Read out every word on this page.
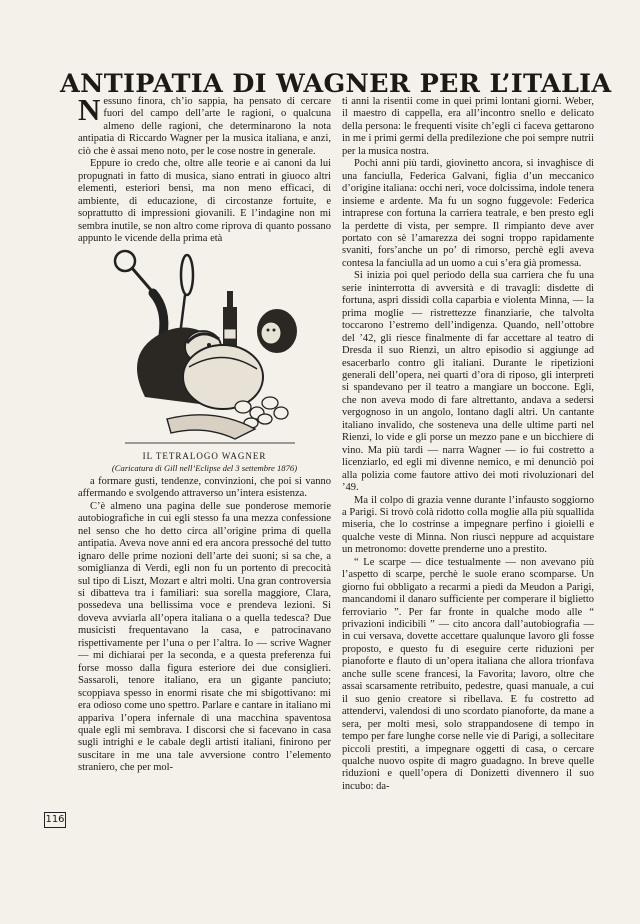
ANTIPATIA DI WAGNER PER L’ITALIA

Nessuno finora, ch’io sappia, ha pensato di cercare fuori del campo dell’arte le ragioni, o qualcuna almeno delle ragioni, che determinarono la nota antipatia di Riccardo Wagner per la musica italiana, e anzi, ciò che è assai meno noto, per le cose nostre in generale.

Eppure io credo che, oltre alle teorie e ai canoni da lui propugnati in fatto di musica, siano entrati in giuoco altri elementi, esteriori bensì, ma non meno efficaci, di ambiente, di educazione, di circostanze fortuite, e soprattutto di impressioni giovanili. E l’indagine non mi sembra inutile, se non altro come riprova di quanto possano appunto le vicende della prima età

IL TETRALOGO WAGNER
(Caricatura di Gill nell’Eclipse del 3 settembre 1876)

a formare gusti, tendenze, convinzioni, che poi si vanno affermando e svolgendo attraverso un’intera esistenza.

C’è almeno una pagina delle sue ponderose memorie autobiografiche in cui egli stesso fa una mezza confessione nel senso che ho detto circa all’origine prima di quella antipatia. Aveva nove anni ed era ancora pressoché del tutto ignaro delle prime nozioni dell’arte dei suoni; si sa che, a somiglianza di Verdi, egli non fu un portento di precocità sul tipo di Liszt, Mozart e altri molti. Una gran controversia si dibatteva tra i familiari: sua sorella maggiore, Clara, possedeva una bellissima voce e prendeva lezioni. Si doveva avviarla all’opera italiana o a quella tedesca? Due musicisti frequentavano la casa, e patrocinavano rispettivamente per l’una o per l’altra. Io — scrive Wagner — mi dichiarai per la seconda, e a questa preferenza fui forse mosso dalla figura esteriore dei due consiglieri. Sassaroli, tenore italiano, era un gigante panciuto; scoppiava spesso in enormi risate che mi sbigottivano: mi era odioso come uno spettro. Parlare e cantare in italiano mi appariva l’opera infernale di una macchina spaventosa quale egli mi sembrava. I discorsi che si facevano in casa sugli intrighi e le cabale degli artisti italiani, finirono per suscitare in me una tale avversione contro l’elemento straniero, che per mol-

ti anni la risentii come in quei primi lontani giorni. Weber, il maestro di cappella, era all’incontro snello e delicato della persona: le frequenti visite ch’egli ci faceva gettarono in me i primi germi della predilezione che poi sempre nutrii per la musica nostra.

Pochi anni più tardi, giovinetto ancora, si invaghisce di una fanciulla, Federica Galvani, figlia d’un meccanico d’origine italiana: occhi neri, voce dolcissima, indole tenera insieme e ardente. Ma fu un sogno fuggevole: Federica intraprese con fortuna la carriera teatrale, e ben presto egli la perdette di vista, per sempre. Il rimpianto deve aver portato con sè l’amarezza dei sogni troppo rapidamente svaniti, fors’anche un po’ di rimorso, perchè egli aveva contesa la fanciulla ad un uomo a cui s’era già promessa.

Si inizia poi quel periodo della sua carriera che fu una serie ininterrotta di avversità e di travagli: disdette di fortuna, aspri dissidi colla caparbia e violenta Minna, — la prima moglie — ristrettezze finanziarie, che talvolta toccarono l’estremo dell’indigenza. Quando, nell’ottobre del ’42, gli riesce finalmente di far accettare al teatro di Dresda il suo Rienzi, un altro episodio si aggiunge ad esacerbarlo contro gli italiani. Durante le ripetizioni generali dell’opera, nei quarti d’ora di riposo, gli interpreti si spandevano per il teatro a mangiare un boccone. Egli, che non aveva modo di fare altrettanto, andava a sedersi vergognoso in un angolo, lontano dagli altri. Un cantante italiano invalido, che sosteneva una delle ultime parti nel Rienzi, lo vide e gli porse un mezzo pane e un bicchiere di vino. Ma più tardi — narra Wagner — io fui costretto a licenziarlo, ed egli mi divenne nemico, e mi denunciò poi alla polizia come fautore attivo dei moti rivoluzionari del ’49.

Ma il colpo di grazia venne durante l’infausto soggiorno a Parigi. Si trovò colà ridotto colla moglie alla più squallida miseria, che lo costrinse a impegnare perfino i gioielli e qualche veste di Minna. Non riuscì neppure ad acquistare un metronomo: dovette prenderne uno a prestito.

“ Le scarpe — dice testualmente — non avevano più l’aspetto di scarpe, perchè le suole erano scomparse. Un giorno fui obbligato a recarmi a piedi da Meudon a Parigi, mancandomi il danaro sufficiente per comperare il biglietto ferroviario ”. Per far fronte in qualche modo alle “ privazioni indicibili ” — cito ancora dall’autobiografia — in cui versava, dovette accettare qualunque lavoro gli fosse proposto, e questo fu di eseguire certe riduzioni per pianoforte e flauto di un’opera italiana che allora trionfava anche sulle scene francesi, la Favorita; lavoro, oltre che assai scarsamente retribuito, pedestre, quasi manuale, a cui il suo genio creatore si ribellava. E fu costretto ad attendervi, valendosi di uno scordato pianoforte, da mane a sera, per molti mesi, solo strappandosene di tempo in tempo per fare lunghe corse nelle vie di Parigi, a sollecitare piccoli prestiti, a impegnare oggetti di casa, o cercare qualche nuovo ospite di magro guadagno. In breve quelle riduzioni e quell’opera di Donizetti divennero il suo incubo: da-

116
